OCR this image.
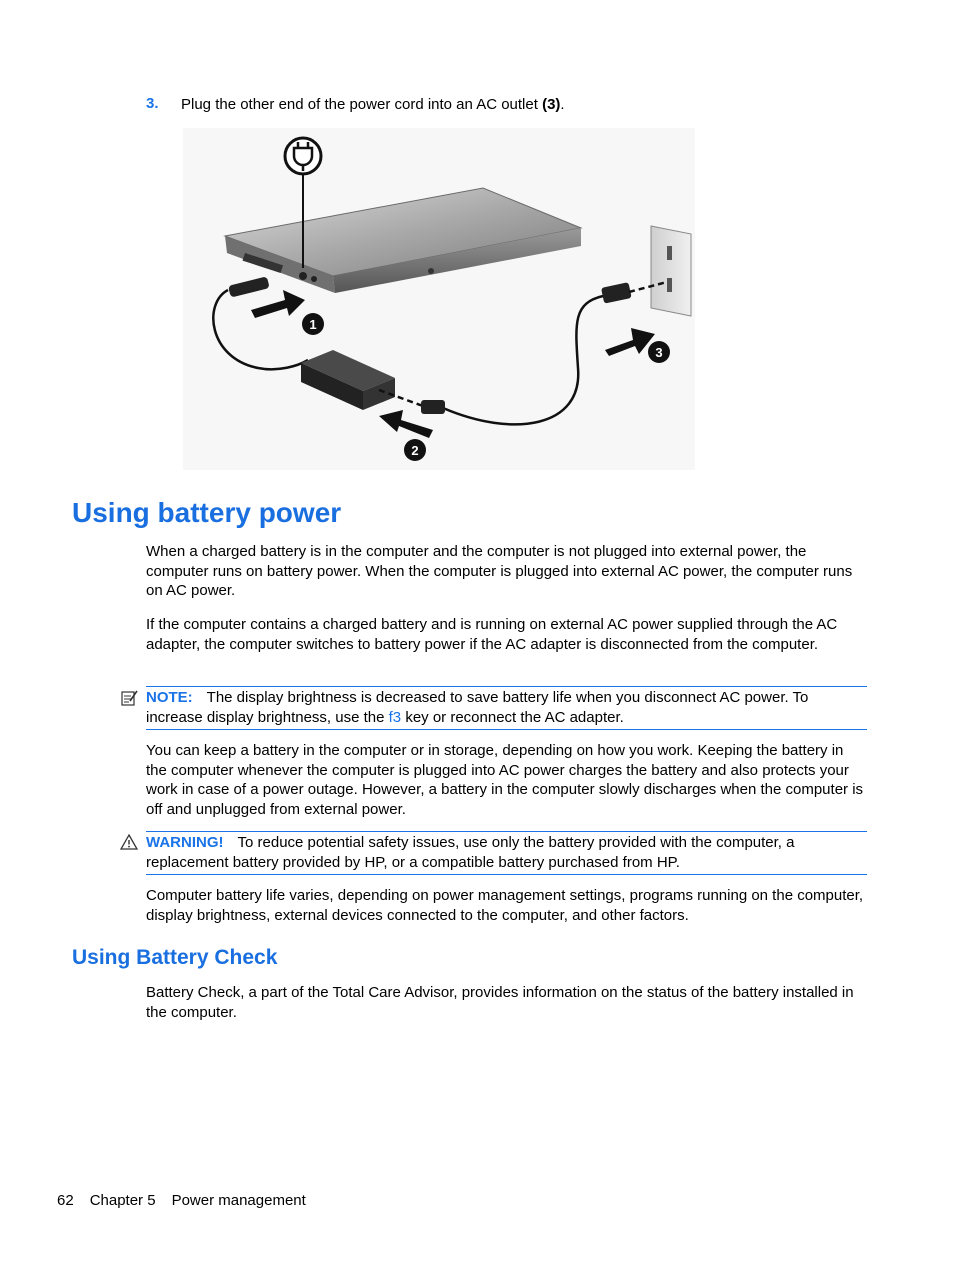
3. Plug the other end of the power cord into an AC outlet (3).
1
2
3
Using battery power

When a charged battery is in the computer and the computer is not plugged into external power, the computer runs on battery power. When the computer is plugged into external AC power, the computer runs on AC power.

If the computer contains a charged battery and is running on external AC power supplied through the AC adapter, the computer switches to battery power if the AC adapter is disconnected from the computer.

NOTE: The display brightness is decreased to save battery life when you disconnect AC power. To increase display brightness, use the f3 key or reconnect the AC adapter.

You can keep a battery in the computer or in storage, depending on how you work. Keeping the battery in the computer whenever the computer is plugged into AC power charges the battery and also protects your work in case of a power outage. However, a battery in the computer slowly discharges when the computer is off and unplugged from external power.

WARNING! To reduce potential safety issues, use only the battery provided with the computer, a replacement battery provided by HP, or a compatible battery purchased from HP.

Computer battery life varies, depending on power management settings, programs running on the computer, display brightness, external devices connected to the computer, and other factors.

Using Battery Check

Battery Check, a part of the Total Care Advisor, provides information on the status of the battery installed in the computer.

62 Chapter 5 Power management
